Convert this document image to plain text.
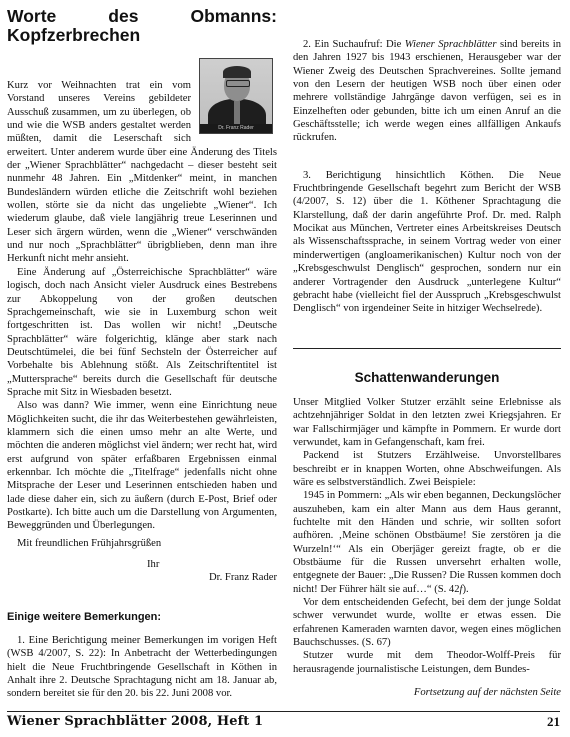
Worte des Obmanns: Kopfzerbrechen
Dr. Franz Rader

Kurz vor Weihnachten trat ein vom Vorstand unseres Vereins gebildeter Ausschuß zusammen, um zu überlegen, ob und wie die WSB anders gestaltet werden müßten, damit die Leserschaft sich erweitert. Unter anderem wurde über eine Änderung des Titels der „Wiener Sprachblätter“ nachgedacht – dieser besteht seit nunmehr 48 Jahren. Ein „Mitdenker“ meint, in manchen Bundesländern würden etliche die Zeitschrift wohl beziehen wollen, störte sie da nicht das ungeliebte „Wiener“. Ich wiederum glaube, daß viele langjährig treue Leserinnen und Leser sich ärgern würden, wenn die „Wiener“ verschwänden und nur noch „Sprachblätter“ übrigblieben, denn man ihre Herkunft nicht mehr ansieht.

Eine Änderung auf „Österreichische Sprachblätter“ wäre logisch, doch nach Ansicht vieler Ausdruck eines Bestrebens zur Abkoppelung von der großen deutschen Sprachgemeinschaft, wie sie in Luxemburg schon weit fortgeschritten ist. Das wollen wir nicht! „Deutsche Sprachblätter“ wäre folgerichtig, klänge aber stark nach Deutschtümelei, die bei fünf Sechsteln der Österreicher auf Vorbehalte bis Ablehnung stößt. Als Zeitschriftentitel ist „Muttersprache“ bereits durch die Gesellschaft für deutsche Sprache mit Sitz in Wiesbaden besetzt.

Also was dann? Wie immer, wenn eine Einrichtung neue Möglichkeiten sucht, die ihr das Weiterbestehen gewährleisten, klammern sich die einen umso mehr an alte Werte, und möchten die anderen möglichst viel ändern; wer recht hat, wird erst aufgrund von später erfaßbaren Ergebnissen einmal erkennbar. Ich möchte die „Titelfrage“ jedenfalls nicht ohne Mitsprache der Leser und Leserinnen entschieden haben und lade diese daher ein, sich zu äußern (durch E-Post, Brief oder Postkarte). Ich bitte auch um die Darstellung von Argumenten, Beweggründen und Überlegungen.

Mit freundlichen Frühjahrsgrüßen

Ihr

Dr. Franz Rader

Einige weitere Bemerkungen:

1. Eine Berichtigung meiner Bemerkungen im vorigen Heft (WSB 4/2007, S. 22): In Anbetracht der Wetterbedingungen hielt die Neue Fruchtbringende Gesellschaft in Köthen in Anhalt ihre 2. Deutsche Sprachtagung nicht am 18. Januar ab, sondern bereitet sie für den 20. bis 22. Juni 2008 vor.

2. Ein Suchaufruf: Die Wiener Sprachblätter sind bereits in den Jahren 1927 bis 1943 erschienen, Herausgeber war der Wiener Zweig des Deutschen Sprachvereines. Sollte jemand von den Lesern der heutigen WSB noch über einen oder mehrere vollständige Jahrgänge davon verfügen, sei es in Einzelheften oder gebunden, bitte ich um einen Anruf an die Geschäftsstelle; ich werde wegen eines allfälligen Ankaufs rückrufen.

3. Berichtigung hinsichtlich Köthen. Die Neue Fruchtbringende Gesellschaft begehrt zum Bericht der WSB (4/2007, S. 12) über die 1. Köthener Sprachtagung die Klarstellung, daß der darin angeführte Prof. Dr. med. Ralph Mocikat aus München, Vertreter eines Arbeitskreises Deutsch als Wissenschaftssprache, in seinem Vortrag weder von einer minderwertigen (angloamerikanischen) Kultur noch von der „Krebsgeschwulst Denglisch“ gesprochen, sondern nur ein anderer Vortragender den Ausdruck „unterlegene Kultur“ gebracht habe (vielleicht fiel der Ausspruch „Krebsgeschwulst Denglisch“ von irgendeiner Seite in hitziger Wechselrede).

Schattenwanderungen

Unser Mitglied Volker Stutzer erzählt seine Erlebnisse als achtzehnjähriger Soldat in den letzten zwei Kriegsjahren. Er war Fallschirmjäger und kämpfte in Pommern. Er wurde dort verwundet, kam in Gefangenschaft, kam frei.

Packend ist Stutzers Erzählweise. Unvorstellbares beschreibt er in knappen Worten, ohne Abschweifungen. Als wäre es selbstverständlich. Zwei Beispiele:

1945 in Pommern: „Als wir eben begannen, Deckungslöcher auszuheben, kam ein alter Mann aus dem Haus gerannt, fuchtelte mit den Händen und schrie, wir sollten sofort aufhören. ‚Meine schönen Obstbäume! Sie zerstören ja die Wurzeln!‘“ Als ein Oberjäger gereizt fragte, ob er die Obstbäume für die Russen unversehrt erhalten wolle, entgegnete der Bauer: „Die Russen? Die Russen kommen doch nicht! Der Führer hält sie auf…“ (S. 42f).

Vor dem entscheidenden Gefecht, bei dem der junge Soldat schwer verwundet wurde, wollte er etwas essen. Die erfahrenen Kameraden warnten davor, wegen eines möglichen Bauchschusses. (S. 67)

Stutzer wurde mit dem Theodor-Wolff-Preis für herausragende journalistische Leistungen, dem Bundes-

Fortsetzung auf der nächsten Seite

Wiener Sprachblätter 2008, Heft 1	21
